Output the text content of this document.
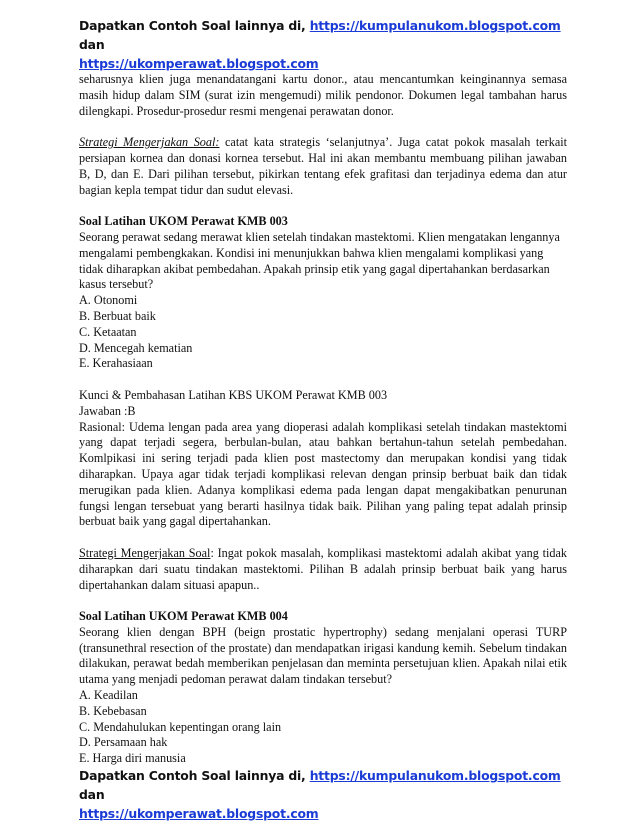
Dapatkan Contoh Soal lainnya di, https://kumpulanukom.blogspot.com dan
https://ukomperawat.blogspot.com

seharusnya klien juga menandatangani kartu donor., atau mencantumkan keinginannya semasa masih hidup dalam SIM (surat izin mengemudi) milik pendonor. Dokumen legal tambahan harus dilengkapi. Prosedur-prosedur resmi mengenai perawatan donor.

Strategi Mengerjakan Soal: catat kata strategis ‘selanjutnya’. Juga catat pokok masalah terkait persiapan kornea dan donasi kornea tersebut. Hal ini akan membantu membuang pilihan jawaban B, D, dan E. Dari pilihan tersebut, pikirkan tentang efek grafitasi dan terjadinya edema dan atur bagian kepla tempat tidur dan sudut elevasi.

Soal Latihan UKOM Perawat KMB 003

Seorang perawat sedang merawat klien setelah tindakan mastektomi. Klien mengatakan lengannya mengalami pembengkakan. Kondisi ini menunjukkan bahwa klien mengalami komplikasi yang tidak diharapkan akibat pembedahan. Apakah prinsip etik yang gagal dipertahankan berdasarkan kasus tersebut?

A. Otonomi

B. Berbuat baik

C. Ketaatan

D. Mencegah kematian

E. Kerahasiaan

Kunci & Pembahasan Latihan KBS UKOM Perawat KMB 003

Jawaban :B

Rasional: Udema lengan pada area yang dioperasi adalah komplikasi setelah tindakan mastektomi yang dapat terjadi segera, berbulan-bulan, atau bahkan bertahun-tahun setelah pembedahan. Komlpikasi ini sering terjadi pada klien post mastectomy dan merupakan kondisi yang tidak diharapkan. Upaya agar tidak terjadi komplikasi relevan dengan prinsip berbuat baik dan tidak merugikan pada klien. Adanya komplikasi edema pada lengan dapat mengakibatkan penurunan fungsi lengan tersebuat yang berarti hasilnya tidak baik. Pilihan yang paling tepat adalah prinsip berbuat baik yang gagal dipertahankan.

Strategi Mengerjakan Soal: Ingat pokok masalah, komplikasi mastektomi adalah akibat yang tidak diharapkan dari suatu tindakan mastektomi. Pilihan B adalah prinsip berbuat baik yang harus dipertahankan dalam situasi apapun..

Soal Latihan UKOM Perawat KMB 004

Seorang klien dengan BPH (beign prostatic hypertrophy) sedang menjalani operasi TURP (transunethral resection of the prostate) dan mendapatkan irigasi kandung kemih. Sebelum tindakan dilakukan, perawat bedah memberikan penjelasan dan meminta persetujuan klien. Apakah nilai etik utama yang menjadi pedoman perawat dalam tindakan tersebut?

A. Keadilan

B. Kebebasan

C. Mendahulukan kepentingan orang lain

D. Persamaan hak

E. Harga diri manusia

Dapatkan Contoh Soal lainnya di, https://kumpulanukom.blogspot.com dan
https://ukomperawat.blogspot.com
